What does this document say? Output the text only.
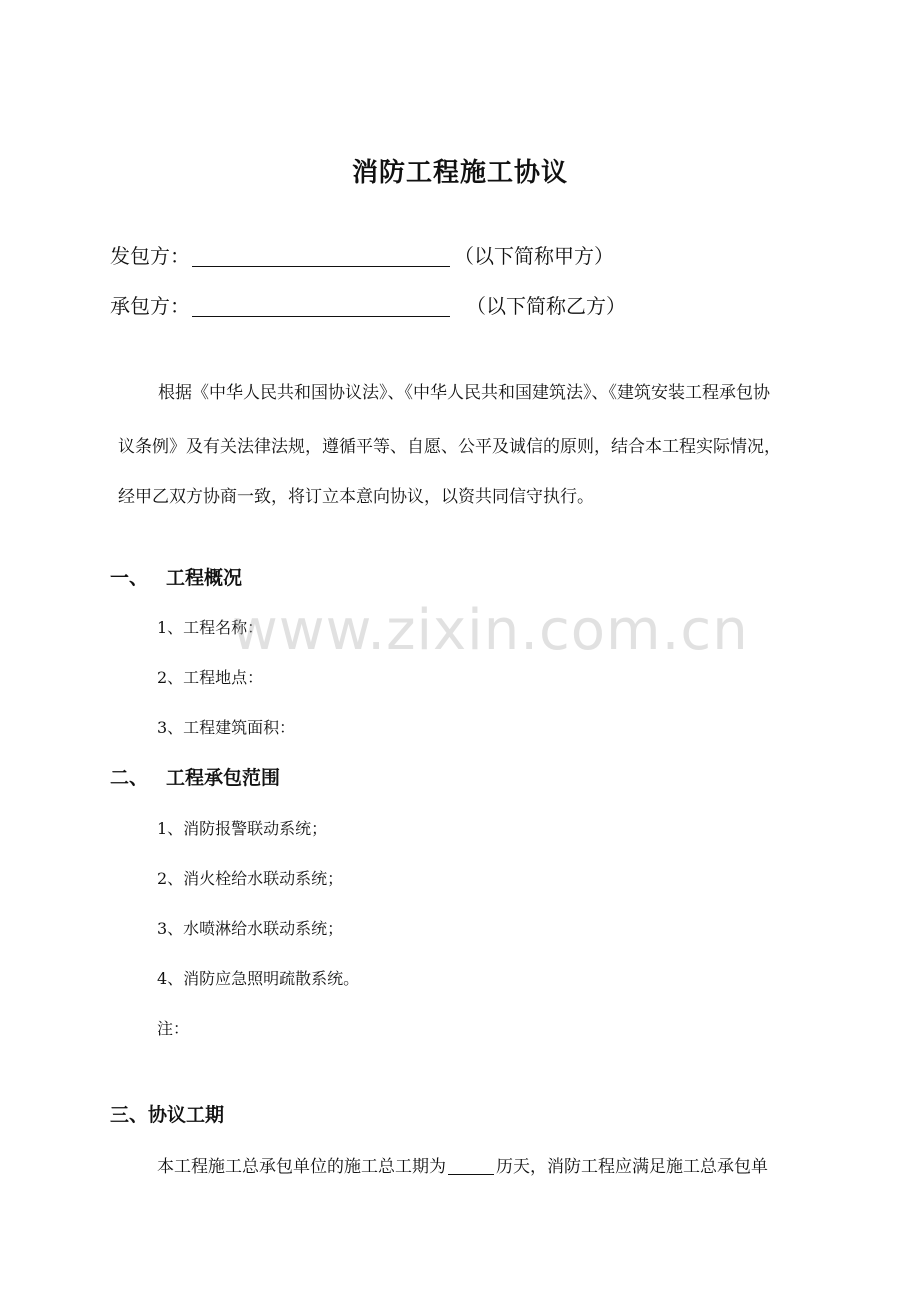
消防工程施工协议
发包方：	（以下简称甲方）
承包方：	（以下简称乙方）
根据《中华人民共和国协议法》、《中华人民共和国建筑法》、《建筑安装工程承包协
议条例》及有关法律法规，遵循平等、自愿、公平及诚信的原则，结合本工程实际情况，
经甲乙双方协商一致，将订立本意向协议，以资共同信守执行。
一、 工程概况
1、工程名称：
2、工程地点：
3、工程建筑面积：
二、 工程承包范围
1、消防报警联动系统；
2、消火栓给水联动系统；
3、水喷淋给水联动系统；
4、消防应急照明疏散系统。
注：
三、协议工期
本工程施工总承包单位的施工总工期为	历天，消防工程应满足施工总承包单
www.zixin.com.cn
